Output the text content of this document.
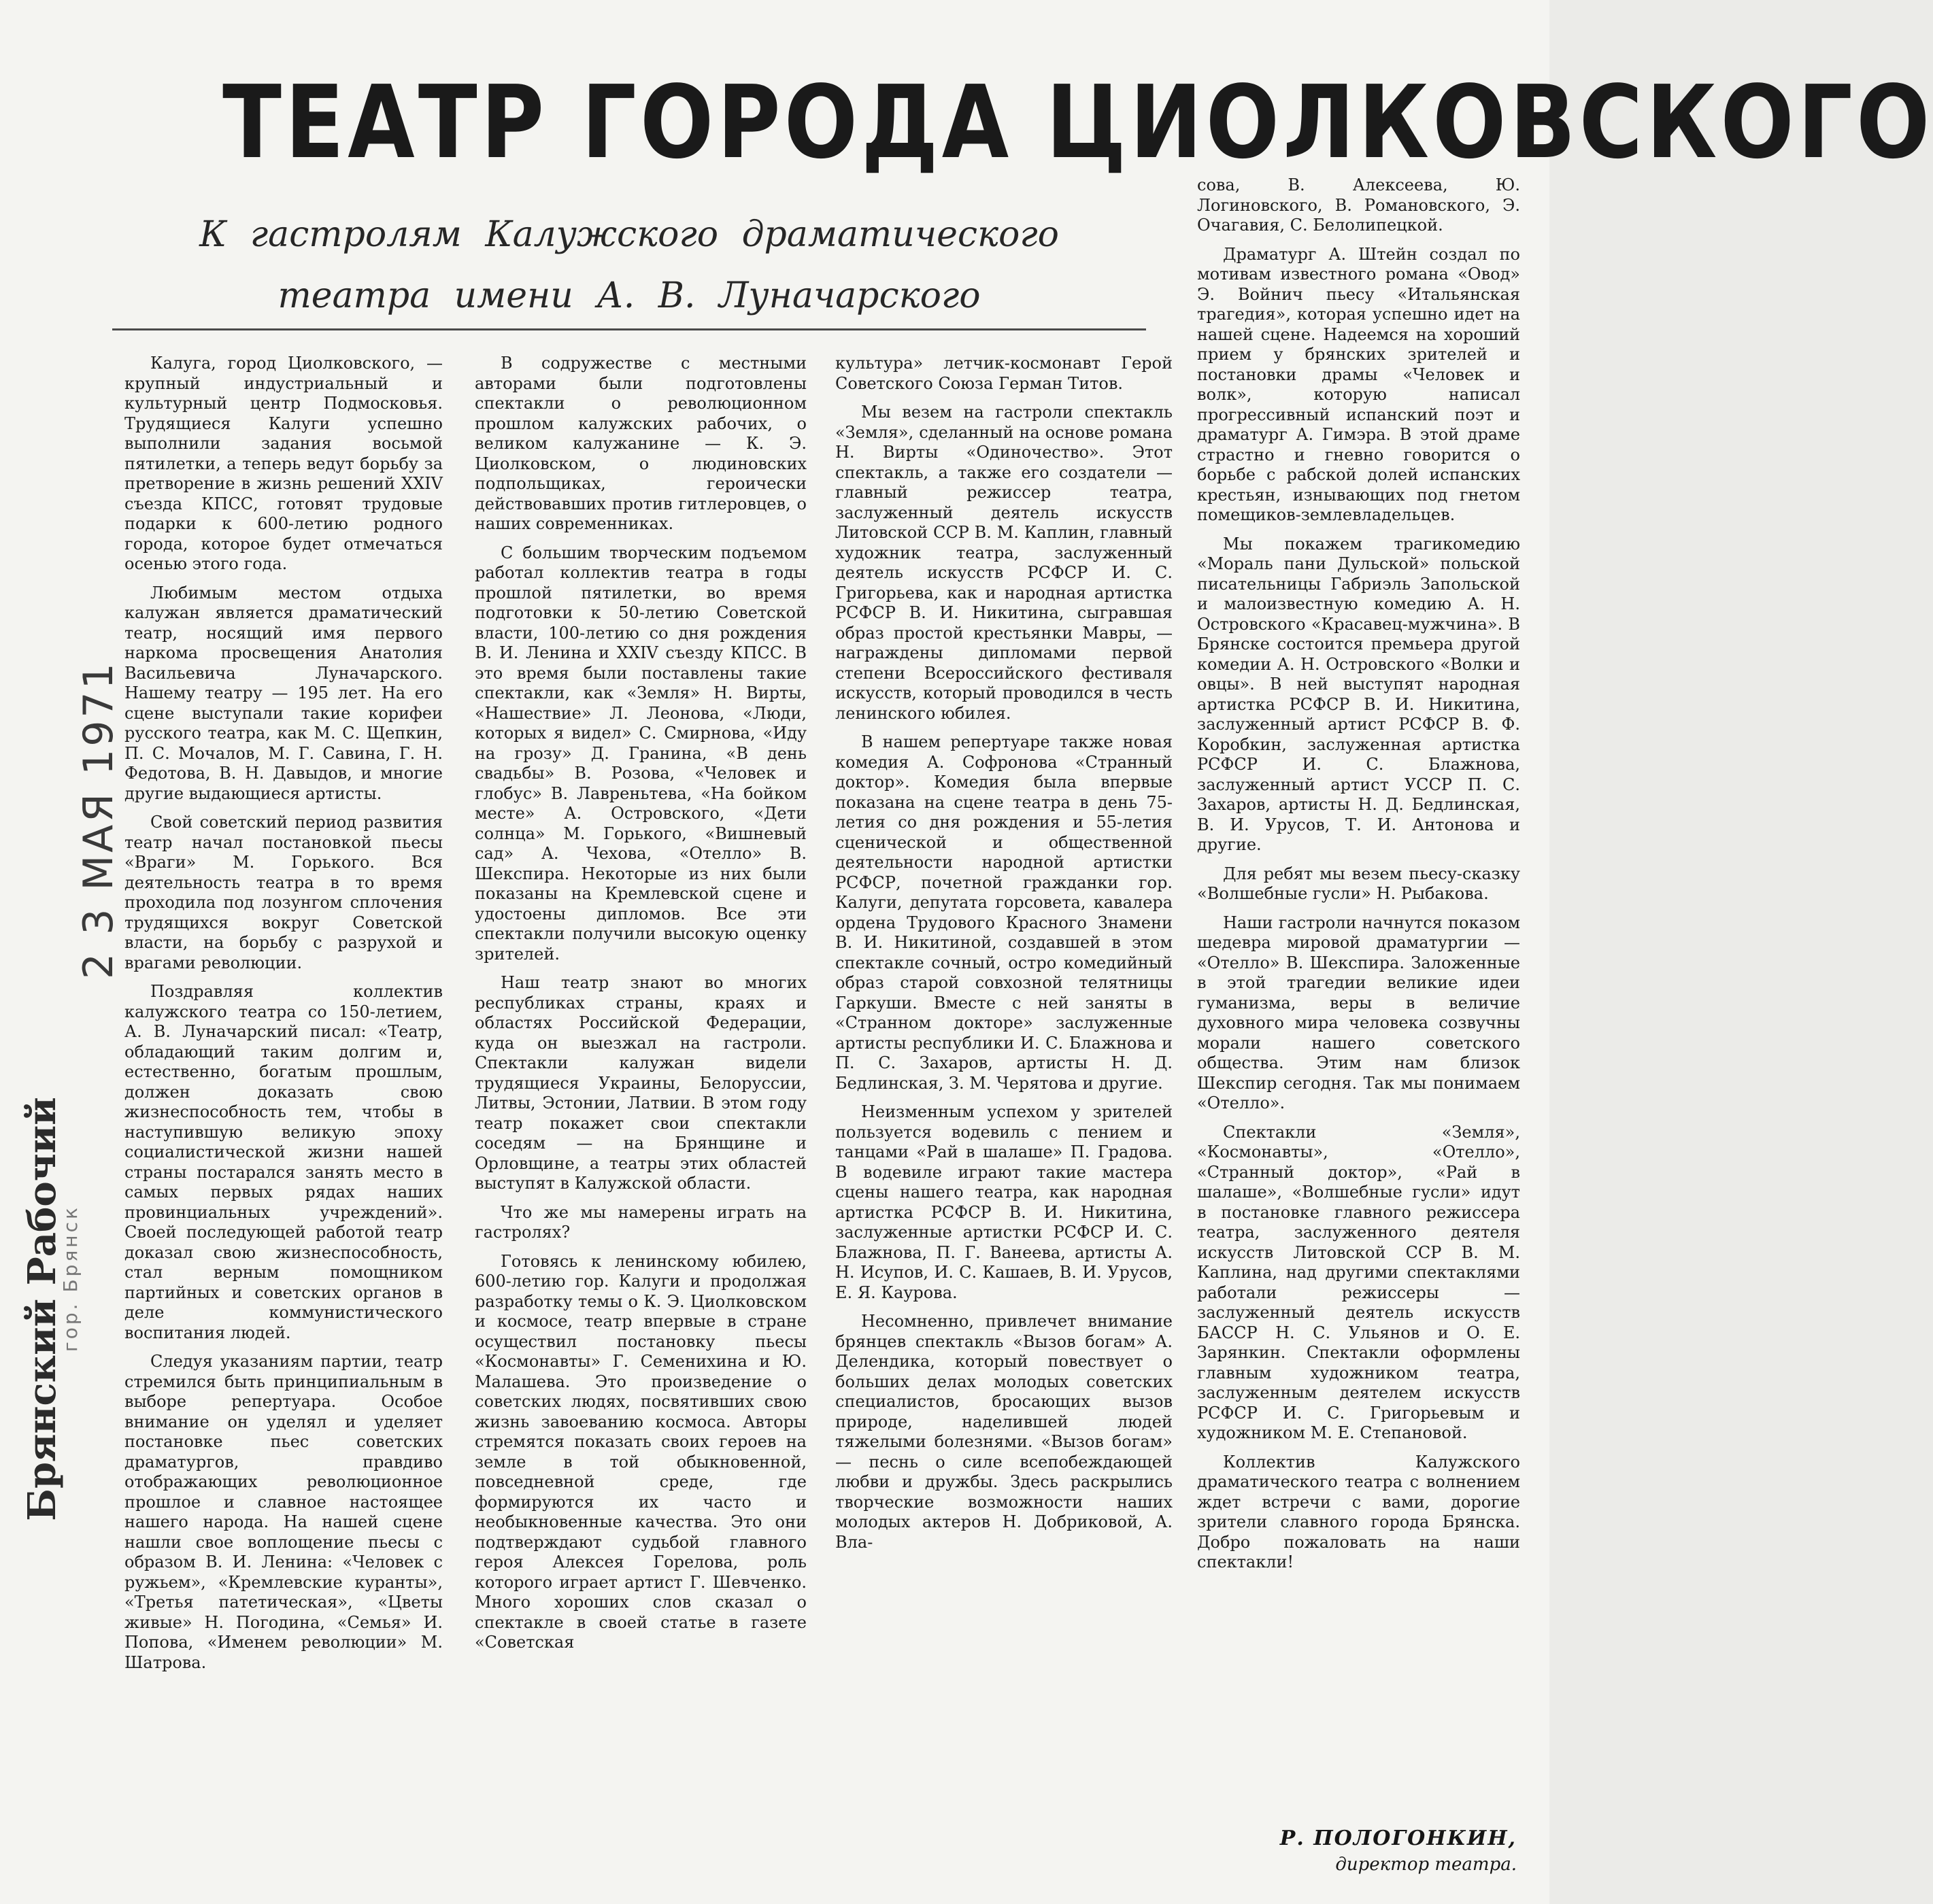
ТЕАТР ГОРОДА ЦИОЛКОВСКОГО
К гастролям Калужского драматического
театра имени А. В. Луначарского
2 3 МАЯ 1971
Брянский Рабочий
гор. Брянск

Калуга, город Циолковского, — крупный индустриальный и культурный центр Подмосковья. Трудящиеся Калуги успешно выполнили задания восьмой пятилетки, а теперь ведут борьбу за претворение в жизнь решений XXIV съезда КПСС, готовят трудовые подарки к 600-летию родного города, которое будет отмечаться осенью этого года.

Любимым местом отдыха калужан является драматический театр, носящий имя первого наркома просвещения Анатолия Васильевича Луначарского. Нашему театру — 195 лет. На его сцене выступали такие корифеи русского театра, как М. С. Щепкин, П. С. Мочалов, М. Г. Савина, Г. Н. Федотова, В. Н. Давыдов, и многие другие выдающиеся артисты.

Свой советский период развития театр начал постановкой пьесы «Враги» М. Горького. Вся деятельность театра в то время проходила под лозунгом сплочения трудящихся вокруг Советской власти, на борьбу с разрухой и врагами революции.

Поздравляя коллектив калужского театра со 150-летием, А. В. Луначарский писал: «Театр, обладающий таким долгим и, естественно, богатым прошлым, должен доказать свою жизнеспособность тем, чтобы в наступившую великую эпоху социалистической жизни нашей страны постарался занять место в самых первых рядах наших провинциальных учреждений». Своей последующей работой театр доказал свою жизнеспособность, стал верным помощником партийных и советских органов в деле коммунистического воспитания людей.

Следуя указаниям партии, театр стремился быть принципиальным в выборе репертуара. Особое внимание он уделял и уделяет постановке пьес советских драматургов, правдиво отображающих революционное прошлое и славное настоящее нашего народа. На нашей сцене нашли свое воплощение пьесы с образом В. И. Ленина: «Человек с ружьем», «Кремлевские куранты», «Третья патетическая», «Цветы живые» Н. Погодина, «Семья» И. Попова, «Именем революции» М. Шатрова.

В содружестве с местными авторами были подготовлены спектакли о революционном прошлом калужских рабочих, о великом калужанине — К. Э. Циолковском, о людиновских подпольщиках, героически действовавших против гитлеровцев, о наших современниках.

С большим творческим подъемом работал коллектив театра в годы прошлой пятилетки, во время подготовки к 50-летию Советской власти, 100-летию со дня рождения В. И. Ленина и XXIV съезду КПСС. В это время были поставлены такие спектакли, как «Земля» Н. Вирты, «Нашествие» Л. Леонова, «Люди, которых я видел» С. Смирнова, «Иду на грозу» Д. Гранина, «В день свадьбы» В. Розова, «Человек и глобус» В. Лавреньтева, «На бойком месте» А. Островского, «Дети солнца» М. Горького, «Вишневый сад» А. Чехова, «Отелло» В. Шекспира. Некоторые из них были показаны на Кремлевской сцене и удостоены дипломов. Все эти спектакли получили высокую оценку зрителей.

Наш театр знают во многих республиках страны, краях и областях Российской Федерации, куда он выезжал на гастроли. Спектакли калужан видели трудящиеся Украины, Белоруссии, Литвы, Эстонии, Латвии. В этом году театр покажет свои спектакли соседям — на Брянщине и Орловщине, а театры этих областей выступят в Калужской области.

Что же мы намерены играть на гастролях?

Готовясь к ленинскому юбилею, 600-летию гор. Калуги и продолжая разработку темы о К. Э. Циолковском и космосе, театр впервые в стране осуществил постановку пьесы «Космонавты» Г. Семенихина и Ю. Малашева. Это произведение о советских людях, посвятивших свою жизнь завоеванию космоса. Авторы стремятся показать своих героев на земле в той обыкновенной, повседневной среде, где формируются их часто и необыкновенные качества. Это они подтверждают судьбой главного героя Алексея Горелова, роль которого играет артист Г. Шевченко. Много хороших слов сказал о спектакле в своей статье в газете «Советская

культура» летчик-космонавт Герой Советского Союза Герман Титов.

Мы везем на гастроли спектакль «Земля», сделанный на основе романа Н. Вирты «Одиночество». Этот спектакль, а также его создатели — главный режиссер театра, заслуженный деятель искусств Литовской ССР В. М. Каплин, главный художник театра, заслуженный деятель искусств РСФСР И. С. Григорьева, как и народная артистка РСФСР В. И. Никитина, сыгравшая образ простой крестьянки Мавры, — награждены дипломами первой степени Всероссийского фестиваля искусств, который проводился в честь ленинского юбилея.

В нашем репертуаре также новая комедия А. Софронова «Странный доктор». Комедия была впервые показана на сцене театра в день 75-летия со дня рождения и 55-летия сценической и общественной деятельности народной артистки РСФСР, почетной гражданки гор. Калуги, депутата горсовета, кавалера ордена Трудового Красного Знамени В. И. Никитиной, создавшей в этом спектакле сочный, остро комедийный образ старой совхозной телятницы Гаркуши. Вместе с ней заняты в «Странном докторе» заслуженные артисты республики И. С. Блажнова и П. С. Захаров, артисты Н. Д. Бедлинская, З. М. Черятова и другие.

Неизменным успехом у зрителей пользуется водевиль с пением и танцами «Рай в шалаше» П. Градова. В водевиле играют такие мастера сцены нашего театра, как народная артистка РСФСР В. И. Никитина, заслуженные артистки РСФСР И. С. Блажнова, П. Г. Ванеева, артисты А. Н. Исупов, И. С. Кашаев, В. И. Урусов, Е. Я. Каурова.

Несомненно, привлечет внимание брянцев спектакль «Вызов богам» А. Делендика, который повествует о больших делах молодых советских специалистов, бросающих вызов природе, наделившей людей тяжелыми болезнями. «Вызов богам» — песнь о силе всепобеждающей любви и дружбы. Здесь раскрылись творческие возможности наших молодых актеров Н. Добриковой, А. Вла-

сова, В. Алексеева, Ю. Логиновского, В. Романовского, Э. Очагавия, С. Белолипецкой.

Драматург А. Штейн создал по мотивам известного романа «Овод» Э. Войнич пьесу «Итальянская трагедия», которая успешно идет на нашей сцене. Надеемся на хороший прием у брянских зрителей и постановки драмы «Человек и волк», которую написал прогрессивный испанский поэт и драматург А. Гимэра. В этой драме страстно и гневно говорится о борьбе с рабской долей испанских крестьян, изнывающих под гнетом помещиков-землевладельцев.

Мы покажем трагикомедию «Мораль пани Дульской» польской писательницы Габриэль Запольской и малоизвестную комедию А. Н. Островского «Красавец-мужчина». В Брянске состоится премьера другой комедии А. Н. Островского «Волки и овцы». В ней выступят народная артистка РСФСР В. И. Никитина, заслуженный артист РСФСР В. Ф. Коробкин, заслуженная артистка РСФСР И. С. Блажнова, заслуженный артист УССР П. С. Захаров, артисты Н. Д. Бедлинская, В. И. Урусов, Т. И. Антонова и другие.

Для ребят мы везем пьесу-сказку «Волшебные гусли» Н. Рыбакова.

Наши гастроли начнутся показом шедевра мировой драматургии — «Отелло» В. Шекспира. Заложенные в этой трагедии великие идеи гуманизма, веры в величие духовного мира человека созвучны морали нашего советского общества. Этим нам близок Шекспир сегодня. Так мы понимаем «Отелло».

Спектакли «Земля», «Космонавты», «Отелло», «Странный доктор», «Рай в шалаше», «Волшебные гусли» идут в постановке главного режиссера театра, заслуженного деятеля искусств Литовской ССР В. М. Каплина, над другими спектаклями работали режиссеры — заслуженный деятель искусств БАССР Н. С. Ульянов и О. Е. Зарянкин. Спектакли оформлены главным художником театра, заслуженным деятелем искусств РСФСР И. С. Григорьевым и художником М. Е. Степановой.

Коллектив Калужского драматического театра с волнением ждет встречи с вами, дорогие зрители славного города Брянска. Добро пожаловать на наши спектакли!

Р. ПОЛОГОНКИН,
директор театра.
